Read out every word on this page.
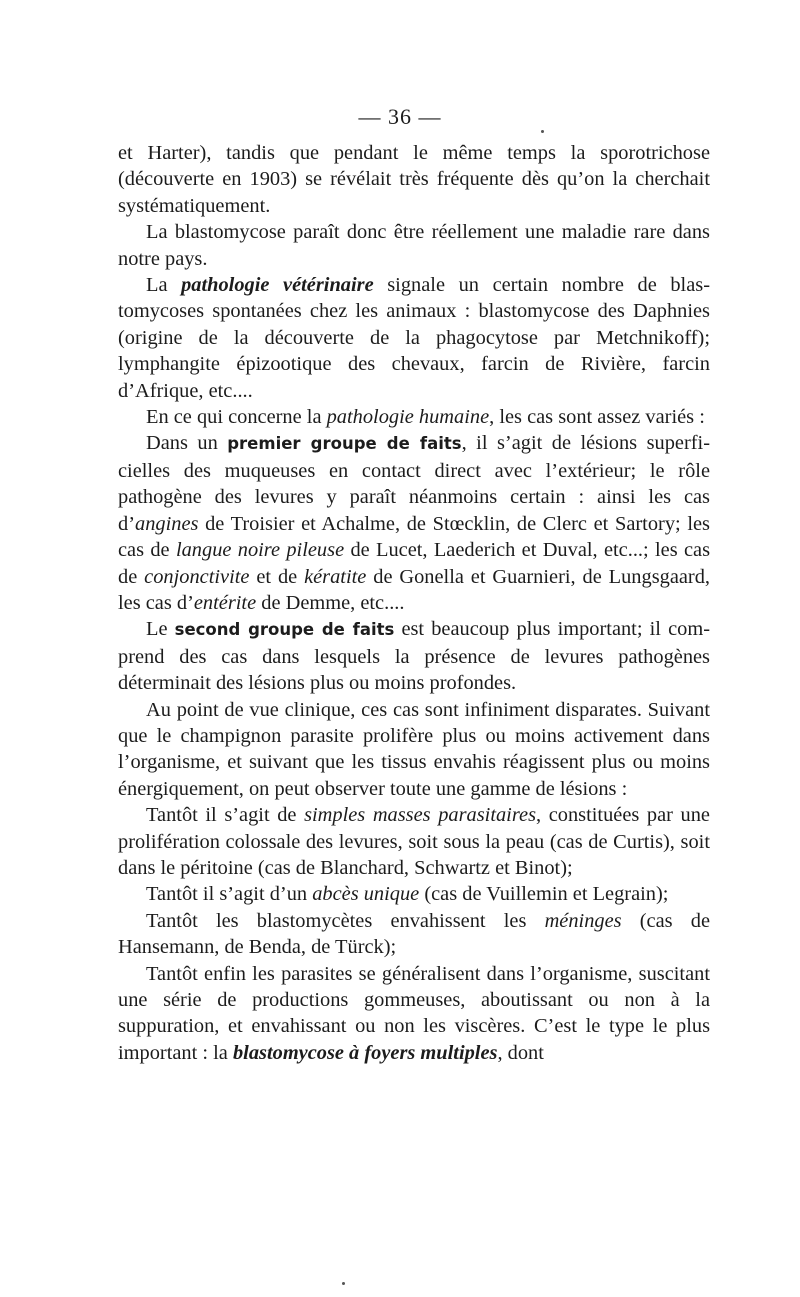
— 36 —

et Harter), tandis que pendant le même temps la sporotrichose (découverte en 1903) se révélait très fréquente dès qu’on la cherchait systématiquement.

La blastomycose paraît donc être réellement une maladie rare dans notre pays.

La pathologie vétérinaire signale un certain nombre de blastomycoses spontanées chez les animaux : blastomycose des Daphnies (origine de la découverte de la phagocytose par Metchnikoff); lymphangite épizootique des chevaux, farcin de Rivière, farcin d’Afrique, etc....

En ce qui concerne la pathologie humaine, les cas sont assez variés :

Dans un premier groupe de faits, il s’agit de lésions superficielles des muqueuses en contact direct avec l’extérieur; le rôle pathogène des levures y paraît néanmoins certain : ainsi les cas d’angines de Troisier et Achalme, de Stœcklin, de Clerc et Sartory; les cas de langue noire pileuse de Lucet, Laederich et Duval, etc...; les cas de conjonctivite et de kératite de Gonella et Guarnieri, de Lungsgaard, les cas d’entérite de Demme, etc....

Le second groupe de faits est beaucoup plus important; il comprend des cas dans lesquels la présence de levures pathogènes déterminait des lésions plus ou moins profondes.

Au point de vue clinique, ces cas sont infiniment disparates. Suivant que le champignon parasite prolifère plus ou moins activement dans l’organisme, et suivant que les tissus envahis réagissent plus ou moins énergiquement, on peut observer toute une gamme de lésions :

Tantôt il s’agit de simples masses parasitaires, constituées par une prolifération colossale des levures, soit sous la peau (cas de Curtis), soit dans le péritoine (cas de Blanchard, Schwartz et Binot);

Tantôt il s’agit d’un abcès unique (cas de Vuillemin et Legrain);

Tantôt les blastomycètes envahissent les méninges (cas de Hansemann, de Benda, de Türck);

Tantôt enfin les parasites se généralisent dans l’organisme, suscitant une série de productions gommeuses, aboutissant ou non à la suppuration, et envahissant ou non les viscères. C’est le type le plus important : la blastomycose à foyers multiples, dont
